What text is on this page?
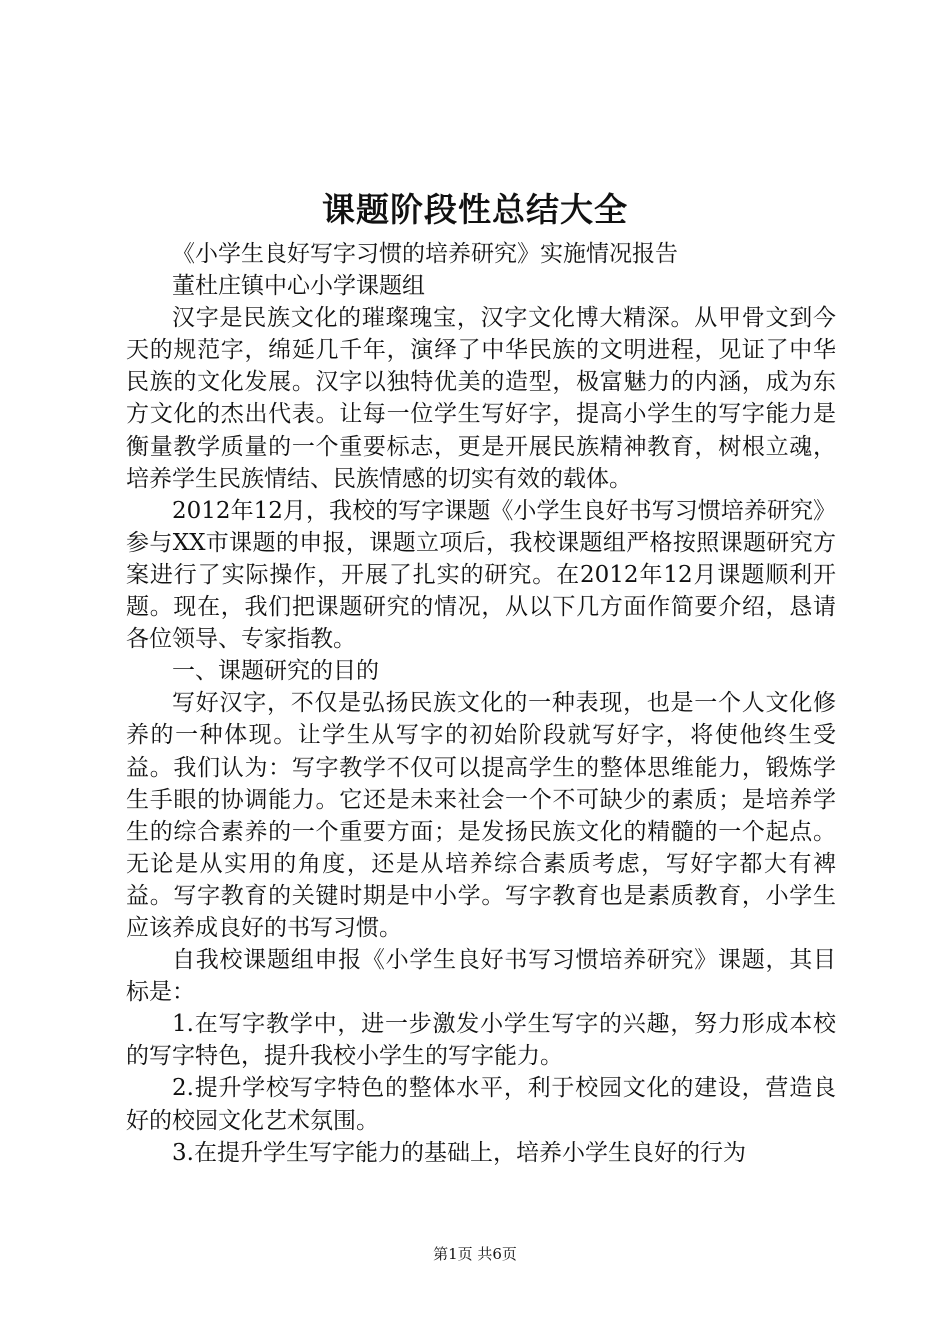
课题阶段性总结大全

《小学生良好写字习惯的培养研究》实施情况报告

董杜庄镇中心小学课题组

汉字是民族文化的璀璨瑰宝，汉字文化博大精深。从甲骨文到今天的规范字，绵延几千年，演绎了中华民族的文明进程，见证了中华民族的文化发展。汉字以独特优美的造型，极富魅力的内涵，成为东方文化的杰出代表。让每一位学生写好字，提高小学生的写字能力是衡量教学质量的一个重要标志，更是开展民族精神教育，树根立魂，培养学生民族情结、民族情感的切实有效的载体。

2012年12月，我校的写字课题《小学生良好书写习惯培养研究》参与XX市课题的申报，课题立项后，我校课题组严格按照课题研究方案进行了实际操作，开展了扎实的研究。在2012年12月课题顺利开题。现在，我们把课题研究的情况，从以下几方面作简要介绍，恳请各位领导、专家指教。

一、课题研究的目的

写好汉字，不仅是弘扬民族文化的一种表现，也是一个人文化修养的一种体现。让学生从写字的初始阶段就写好字，将使他终生受益。我们认为：写字教学不仅可以提高学生的整体思维能力，锻炼学生手眼的协调能力。它还是未来社会一个不可缺少的素质；是培养学生的综合素养的一个重要方面；是发扬民族文化的精髓的一个起点。无论是从实用的角度，还是从培养综合素质考虑，写好字都大有裨益。写字教育的关键时期是中小学。写字教育也是素质教育，小学生应该养成良好的书写习惯。

自我校课题组申报《小学生良好书写习惯培养研究》课题，其目标是：

1.在写字教学中，进一步激发小学生写字的兴趣，努力形成本校的写字特色，提升我校小学生的写字能力。

2.提升学校写字特色的整体水平，利于校园文化的建设，营造良好的校园文化艺术氛围。

3.在提升学生写字能力的基础上，培养小学生良好的行为

第1页 共6页
